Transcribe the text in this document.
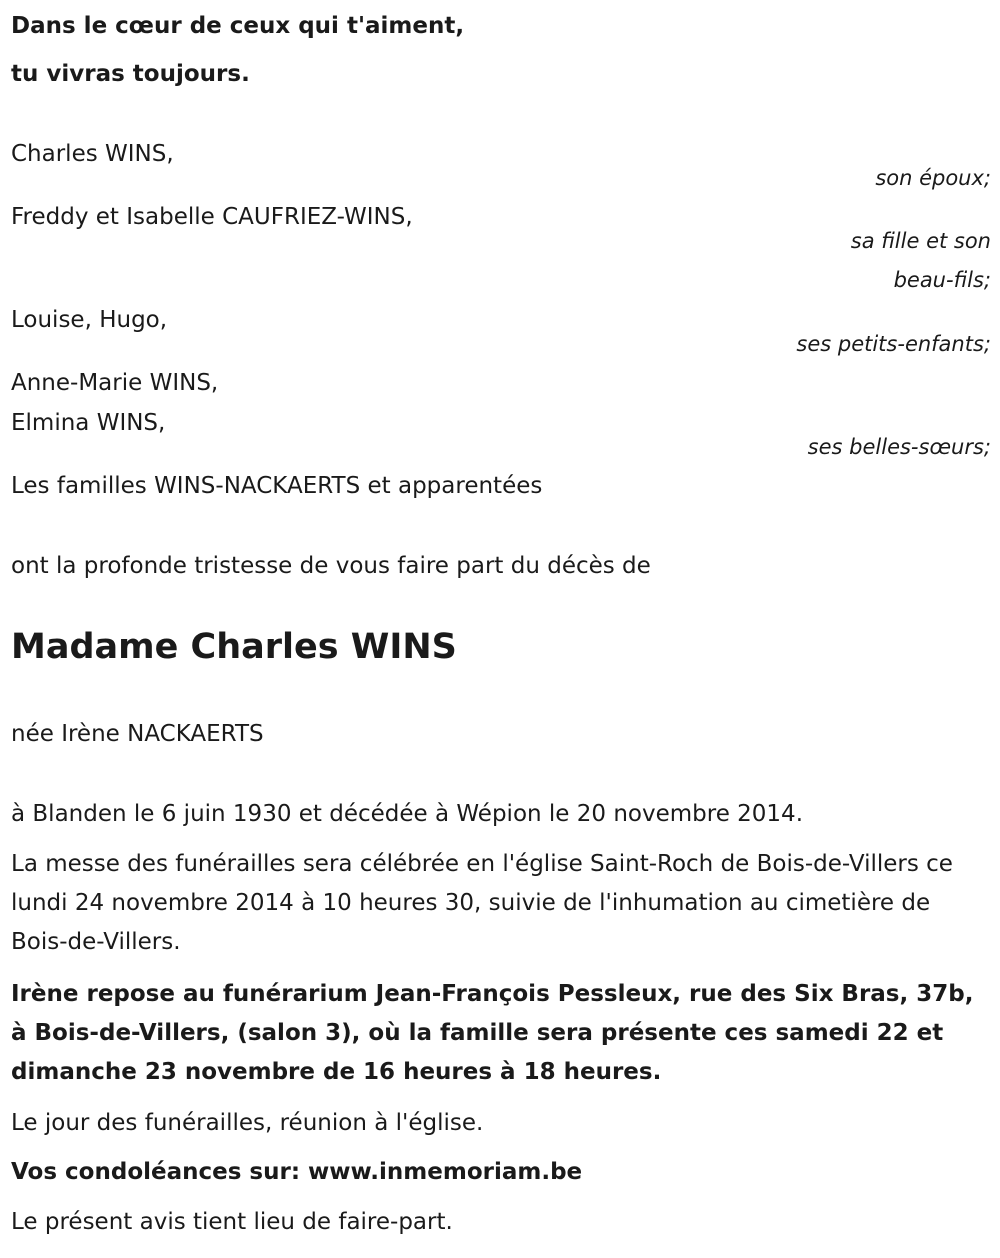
Dans le cœur de ceux qui t'aiment,
tu vivras toujours.
Charles WINS,
son époux;
Freddy et Isabelle CAUFRIEZ-WINS,
sa fille et son
beau-fils;
Louise, Hugo,
ses petits-enfants;
Anne-Marie WINS,
Elmina WINS,
ses belles-sœurs;
Les familles WINS-NACKAERTS et apparentées
ont la profonde tristesse de vous faire part du décès de
Madame Charles WINS
née Irène NACKAERTS
à Blanden le 6 juin 1930 et décédée à Wépion le 20 novembre 2014.
La messe des funérailles sera célébrée en l'église Saint-Roch de Bois-de-Villers ce lundi 24 novembre 2014 à 10 heures 30, suivie de l'inhumation au cimetière de Bois-de-Villers.
Irène repose au funérarium Jean-François Pessleux, rue des Six Bras, 37b, à Bois-de-Villers, (salon 3), où la famille sera présente ces samedi 22 et dimanche 23 novembre de 16 heures à 18 heures.
Le jour des funérailles, réunion à l'église.
Vos condoléances sur: www.inmemoriam.be
Le présent avis tient lieu de faire-part.
